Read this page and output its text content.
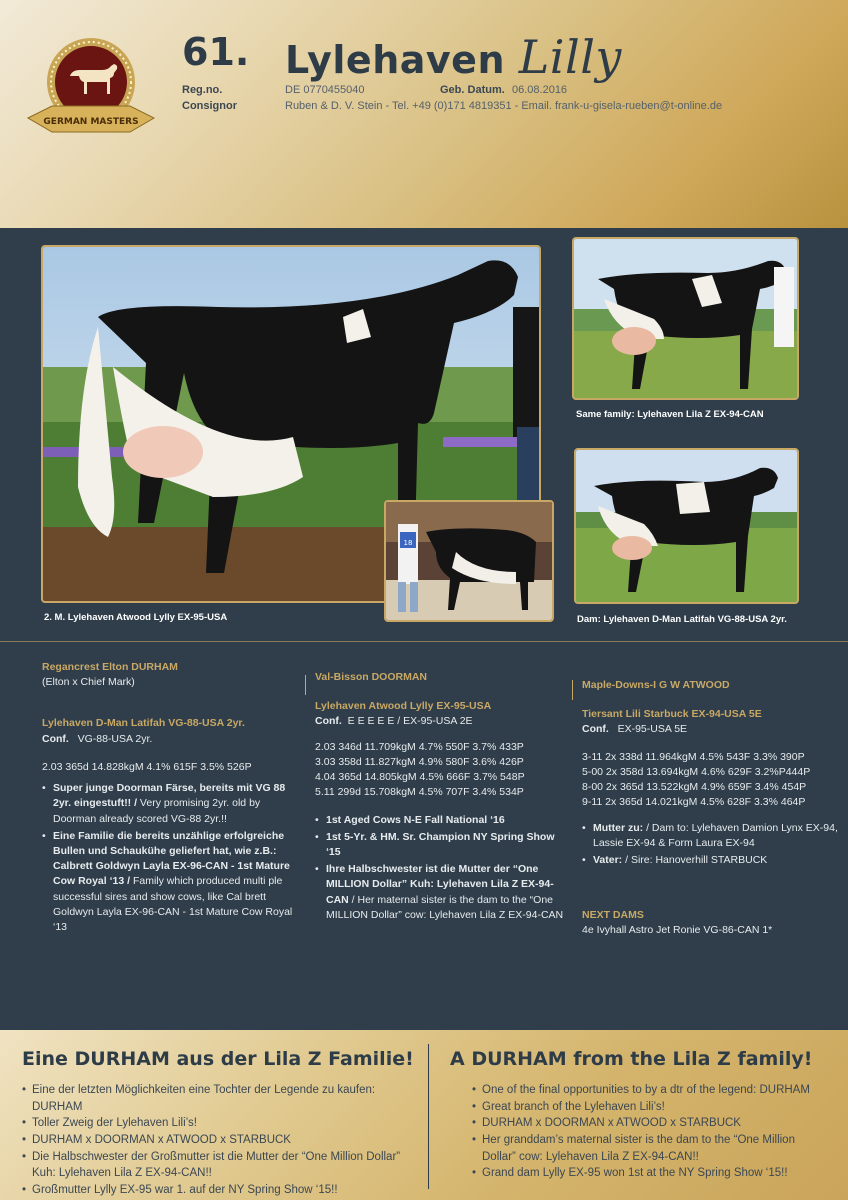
GERMAN MASTERS
61. Lylehaven Lilly
Reg.no.	DE 0770455040	Geb. Datum. 06.08.2016
Consignor	Ruben & D. V. Stein - Tel. +49 (0)171 4819351 - Email. frank-u-gisela-rueben@t-online.de
18
2. M. Lylehaven Atwood Lylly EX-95-USA
Same family: Lylehaven Lila Z EX-94-CAN
Dam: Lylehaven D-Man Latifah VG-88-USA 2yr.
Regancrest Elton DURHAM
(Elton x Chief Mark)
Lylehaven D-Man Latifah VG-88-USA 2yr.
Conf. VG-88-USA 2yr.
2.03 365d 14.828kgM 4.1% 615F 3.5% 526P
• Super junge Doorman Färse, bereits mit VG 88 2yr. eingestuft!! / Very promising 2yr. old by Doorman already scored VG-88 2yr.!!
• Eine Familie die bereits unzählige erfolgreiche Bullen und Schaukühe geliefert hat, wie z.B.: Calbrett Goldwyn Layla EX-96-CAN - 1st Mature Cow Royal ‘13 / Family which produced multi ple successful sires and show cows, like Cal brett Goldwyn Layla EX-96-CAN - 1st Mature Cow Royal ‘13
Val-Bisson DOORMAN
Lylehaven Atwood Lylly EX-95-USA
Conf. E E E E E / EX-95-USA 2E
2.03 346d 11.709kgM 4.7% 550F 3.7% 433P
3.03 358d 11.827kgM 4.9% 580F 3.6% 426P
4.04 365d 14.805kgM 4.5% 666F 3.7% 548P
5.11 299d 15.708kgM 4.5% 707F 3.4% 534P
• 1st Aged Cows N-E Fall National ‘16
• 1st 5-Yr. & HM. Sr. Champion NY Spring Show ‘15
• Ihre Halbschwester ist die Mutter der “One MILLION Dollar” Kuh: Lylehaven Lila Z EX-94-CAN / Her maternal sister is the dam to the “One MILLION Dollar” cow: Lylehaven Lila Z EX-94-CAN
Maple-Downs-I G W ATWOOD
Tiersant Lili Starbuck EX-94-USA 5E
Conf. EX-95-USA 5E
3-11 2x 338d 11.964kgM 4.5% 543F 3.3% 390P
5-00 2x 358d 13.694kgM 4.6% 629F 3.2%P444P
8-00 2x 365d 13.522kgM 4.9% 659F 3.4% 454P
9-11 2x 365d 14.021kgM 4.5% 628F 3.3% 464P
• Mutter zu: / Dam to: Lylehaven Damion Lynx EX-94, Lassie EX-94 & Form Laura EX-94
• Vater: / Sire: Hanoverhill STARBUCK
NEXT DAMS
4e Ivyhall Astro Jet Ronie VG-86-CAN 1*
Eine DURHAM aus der Lila Z Familie!
• Eine der letzten Möglichkeiten eine Tochter der Legende zu kaufen: DURHAM
• Toller Zweig der Lylehaven Lili’s!
• DURHAM x DOORMAN x ATWOOD x STARBUCK
• Die Halbschwester der Großmutter ist die Mutter der “One Million Dollar” Kuh: Lylehaven Lila Z EX-94-CAN!!
• Großmutter Lylly EX-95 war 1. auf der NY Spring Show ‘15!!
A DURHAM from the Lila Z family!
• One of the final opportunities to by a dtr of the legend: DURHAM
• Great branch of the Lylehaven Lili’s!
• DURHAM x DOORMAN x ATWOOD x STARBUCK
• Her granddam’s maternal sister is the dam to the “One Million Dollar” cow: Lylehaven Lila Z EX-94-CAN!!
• Grand dam Lylly EX-95 won 1st at the NY Spring Show ‘15!!
